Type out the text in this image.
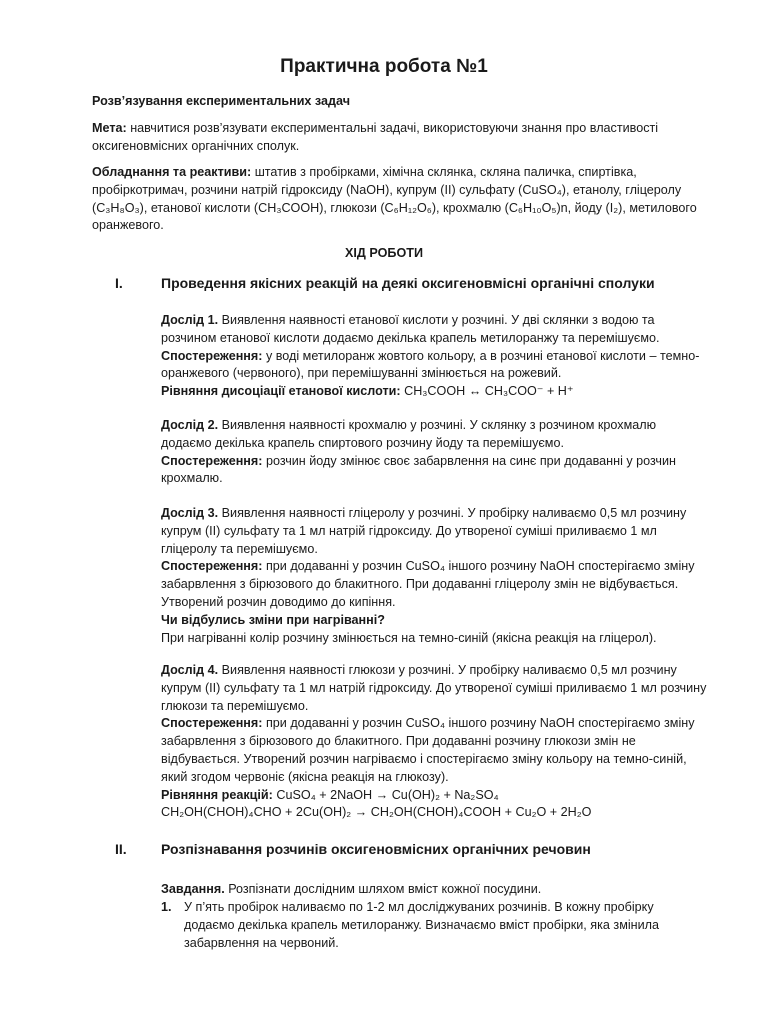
Практична робота №1
Розв’язування експериментальних задач
Мета: навчитися розв’язувати експериментальні задачі, використовуючи знання про властивості оксигеновмісних органічних сполук.
Обладнання та реактиви: штатив з пробірками, хімічна склянка, скляна паличка, спиртівка, пробіркотримач, розчини натрій гідроксиду (NaOH), купрум (II) сульфату (CuSO₄), етанолу, гліцеролу (C₃H₈O₃), етанової кислоти (CH₃COOH), глюкози (C₆H₁₂O₆), крохмалю (C₆H₁₀O₅)n, йоду (I₂), метилового оранжевого.
ХІД РОБОТИ
I.	Проведення якісних реакцій на деякі оксигеновмісні органічні сполуки
Дослід 1. Виявлення наявності етанової кислоти у розчині. У дві склянки з водою та розчином етанової кислоти додаємо декілька крапель метилоранжу та перемішуємо.
Спостереження: у воді метилоранж жовтого кольору, а в розчині етанової кислоти – темно-оранжевого (червоного), при перемішуванні змінюється на рожевий.
Рівняння дисоціації етанової кислоти: CH₃COOH ↔ CH₃COO⁻ + H⁺
Дослід 2. Виявлення наявності крохмалю у розчині. У склянку з розчином крохмалю додаємо декілька крапель спиртового розчину йоду та перемішуємо.
Спостереження: розчин йоду змінює своє забарвлення на синє при додаванні у розчин крохмалю.
Дослід 3. Виявлення наявності гліцеролу у розчині. У пробірку наливаємо 0,5 мл розчину купрум (II) сульфату та 1 мл натрій гідроксиду. До утвореної суміші приливаємо 1 мл гліцеролу та перемішуємо.
Спостереження: при додаванні у розчин CuSO₄ іншого розчину NaOH спостерігаємо зміну забарвлення з бірюзового до блакитного. При додаванні гліцеролу змін не відбувається. Утворений розчин доводимо до кипіння.
Чи відбулись зміни при нагріванні?
При нагріванні колір розчину змінюється на темно-синій (якісна реакція на гліцерол).
Дослід 4. Виявлення наявності глюкози у розчині. У пробірку наливаємо 0,5 мл розчину купрум (II) сульфату та 1 мл натрій гідроксиду. До утвореної суміші приливаємо 1 мл розчину глюкози та перемішуємо.
Спостереження: при додаванні у розчин CuSO₄ іншого розчину NaOH спостерігаємо зміну забарвлення з бірюзового до блакитного. При додаванні розчину глюкози змін не відбувається. Утворений розчин нагріваємо і спостерігаємо зміну кольору на темно-синій, який згодом червоніє (якісна реакція на глюкозу).
Рівняння реакцій: CuSO₄ + 2NaOH → Cu(OH)₂ + Na₂SO₄
CH₂OH(CHOH)₄CHO + 2Cu(OH)₂ → CH₂OH(CHOH)₄COOH + Cu₂O + 2H₂O
II. Розпізнавання розчинів оксигеновмісних органічних речовин
Завдання. Розпізнати дослідним шляхом вміст кожної посудини.
1. У п’ять пробірок наливаємо по 1-2 мл досліджуваних розчинів. В кожну пробірку додаємо декілька крапель метилоранжу. Визначаємо вміст пробірки, яка змінила забарвлення на червоний.
